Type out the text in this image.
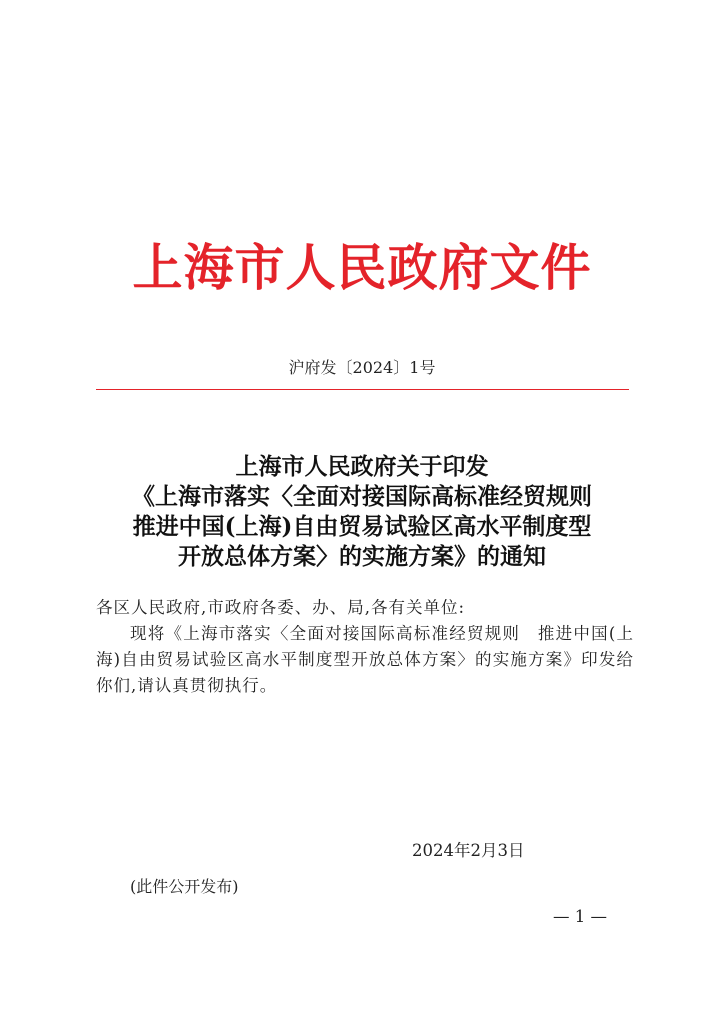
上海市人民政府文件
沪府发〔2024〕1号
上海市人民政府关于印发
《上海市落实〈全面对接国际高标准经贸规则
推进中国(上海)自由贸易试验区高水平制度型
开放总体方案〉的实施方案》的通知

各区人民政府,市政府各委、办、局,各有关单位:

现将《上海市落实〈全面对接国际高标准经贸规则　推进中国(上海)自由贸易试验区高水平制度型开放总体方案〉的实施方案》印发给你们,请认真贯彻执行。

2024年2月3日
(此件公开发布)
— 1 —
